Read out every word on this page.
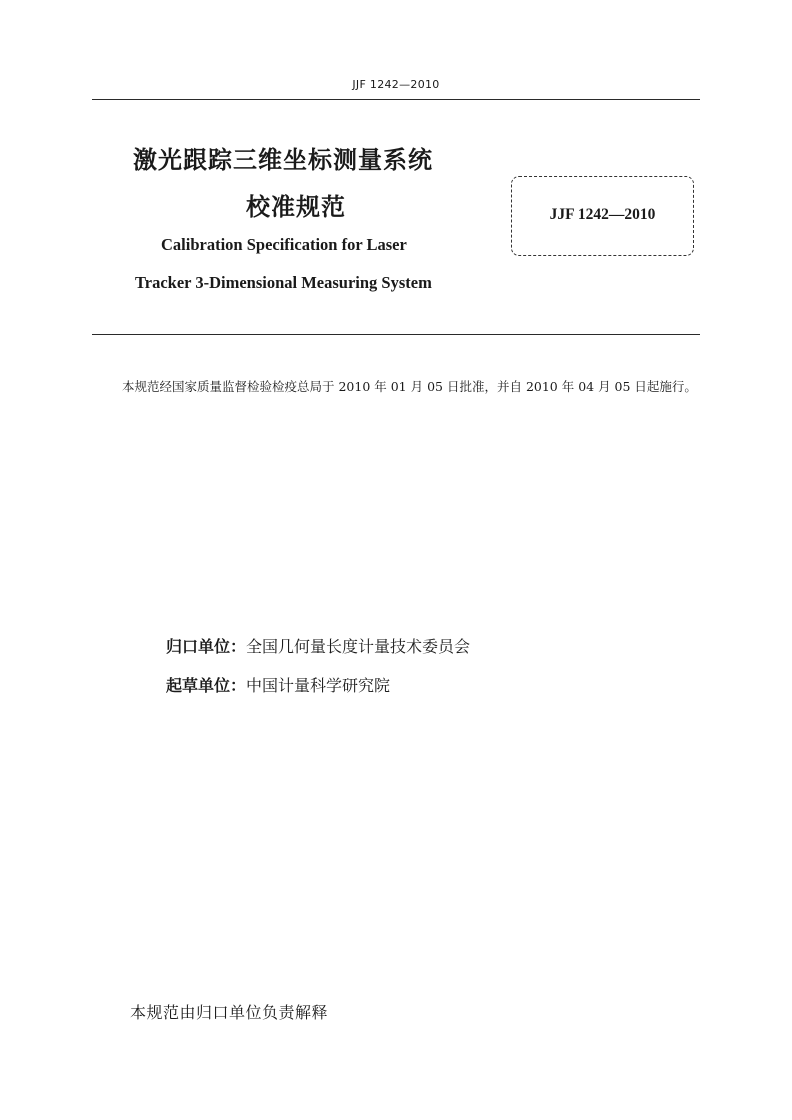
JJF 1242—2010
激光跟踪三维坐标测量系统
校准规范
Calibration Specification for Laser
Tracker 3-Dimensional Measuring System
JJF 1242—2010
本规范经国家质量监督检验检疫总局于 2010 年 01 月 05 日批准，并自 2010 年 04 月 05 日起施行。
归口单位：全国几何量长度计量技术委员会
起草单位：中国计量科学研究院
本规范由归口单位负责解释
